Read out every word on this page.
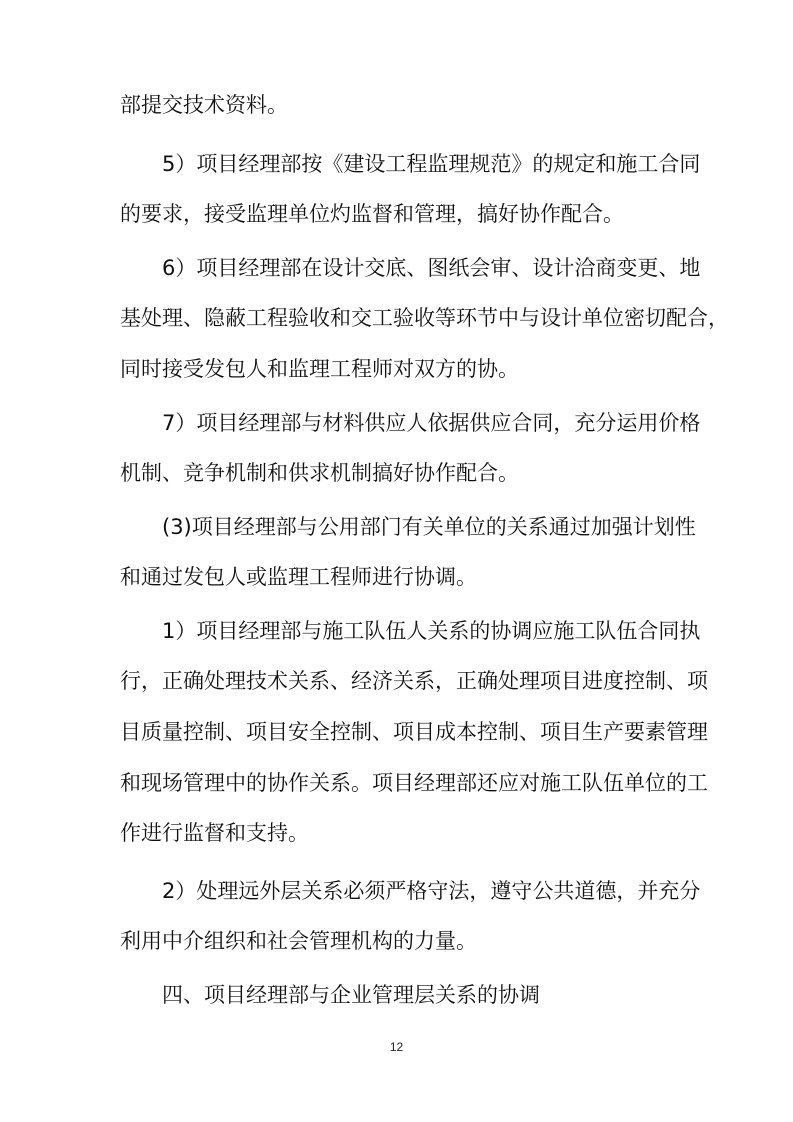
部提交技术资料。
5）项目经理部按《建设工程监理规范》的规定和施工合同
的要求，接受监理单位灼监督和管理，搞好协作配合。
6）项目经理部在设计交底、图纸会审、设计洽商变更、地
基处理、隐蔽工程验收和交工验收等环节中与设计单位密切配合，
同时接受发包人和监理工程师对双方的协。
7）项目经理部与材料供应人依据供应合同，充分运用价格
机制、竞争机制和供求机制搞好协作配合。
(3)项目经理部与公用部门有关单位的关系通过加强计划性
和通过发包人或监理工程师进行协调。
1）项目经理部与施工队伍人关系的协调应施工队伍合同执
行，正确处理技术关系、经济关系，正确处理项目进度控制、项
目质量控制、项目安全控制、项目成本控制、项目生产要素管理
和现场管理中的协作关系。项目经理部还应对施工队伍单位的工
作进行监督和支持。
2）处理远外层关系必须严格守法，遵守公共道德，并充分
利用中介组织和社会管理机构的力量。
四、项目经理部与企业管理层关系的协调
12
